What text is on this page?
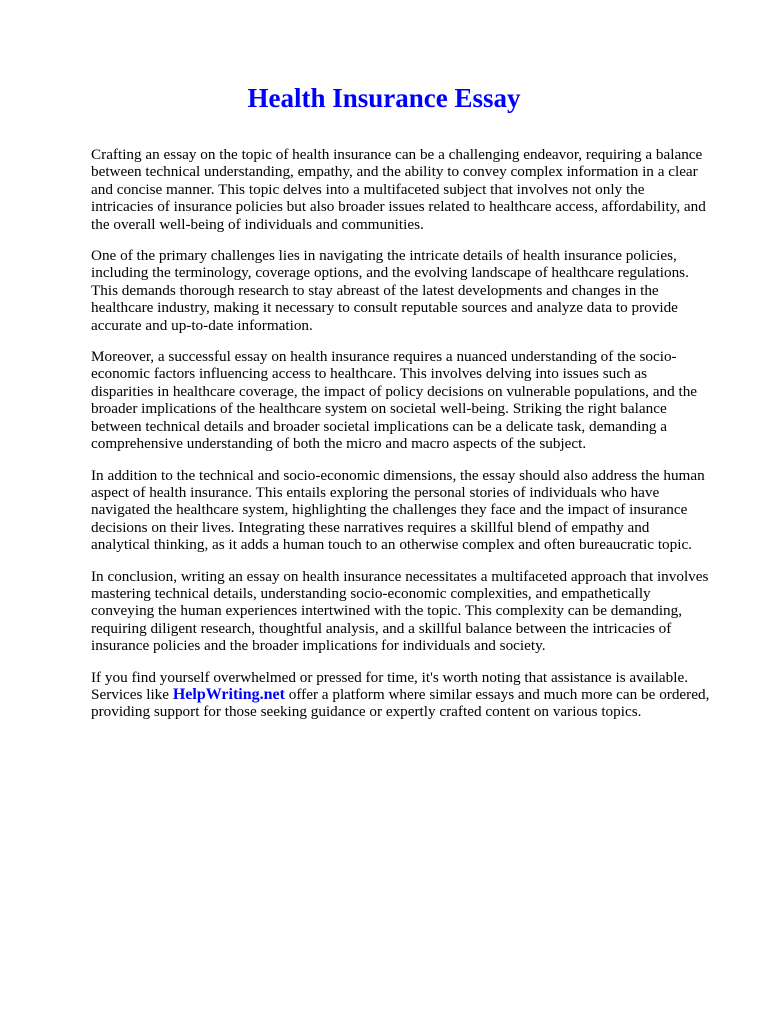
Health Insurance Essay

Crafting an essay on the topic of health insurance can be a challenging endeavor, requiring a balance
between technical understanding, empathy, and the ability to convey complex information in a clear
and concise manner. This topic delves into a multifaceted subject that involves not only the
intricacies of insurance policies but also broader issues related to healthcare access, affordability, and
the overall well-being of individuals and communities.

One of the primary challenges lies in navigating the intricate details of health insurance policies,
including the terminology, coverage options, and the evolving landscape of healthcare regulations.
This demands thorough research to stay abreast of the latest developments and changes in the
healthcare industry, making it necessary to consult reputable sources and analyze data to provide
accurate and up-to-date information.

Moreover, a successful essay on health insurance requires a nuanced understanding of the socio-
economic factors influencing access to healthcare. This involves delving into issues such as
disparities in healthcare coverage, the impact of policy decisions on vulnerable populations, and the
broader implications of the healthcare system on societal well-being. Striking the right balance
between technical details and broader societal implications can be a delicate task, demanding a
comprehensive understanding of both the micro and macro aspects of the subject.

In addition to the technical and socio-economic dimensions, the essay should also address the human
aspect of health insurance. This entails exploring the personal stories of individuals who have
navigated the healthcare system, highlighting the challenges they face and the impact of insurance
decisions on their lives. Integrating these narratives requires a skillful blend of empathy and
analytical thinking, as it adds a human touch to an otherwise complex and often bureaucratic topic.

In conclusion, writing an essay on health insurance necessitates a multifaceted approach that involves
mastering technical details, understanding socio-economic complexities, and empathetically
conveying the human experiences intertwined with the topic. This complexity can be demanding,
requiring diligent research, thoughtful analysis, and a skillful balance between the intricacies of
insurance policies and the broader implications for individuals and society.

If you find yourself overwhelmed or pressed for time, it's worth noting that assistance is available.
Services like HelpWriting.net offer a platform where similar essays and much more can be ordered,
providing support for those seeking guidance or expertly crafted content on various topics.
